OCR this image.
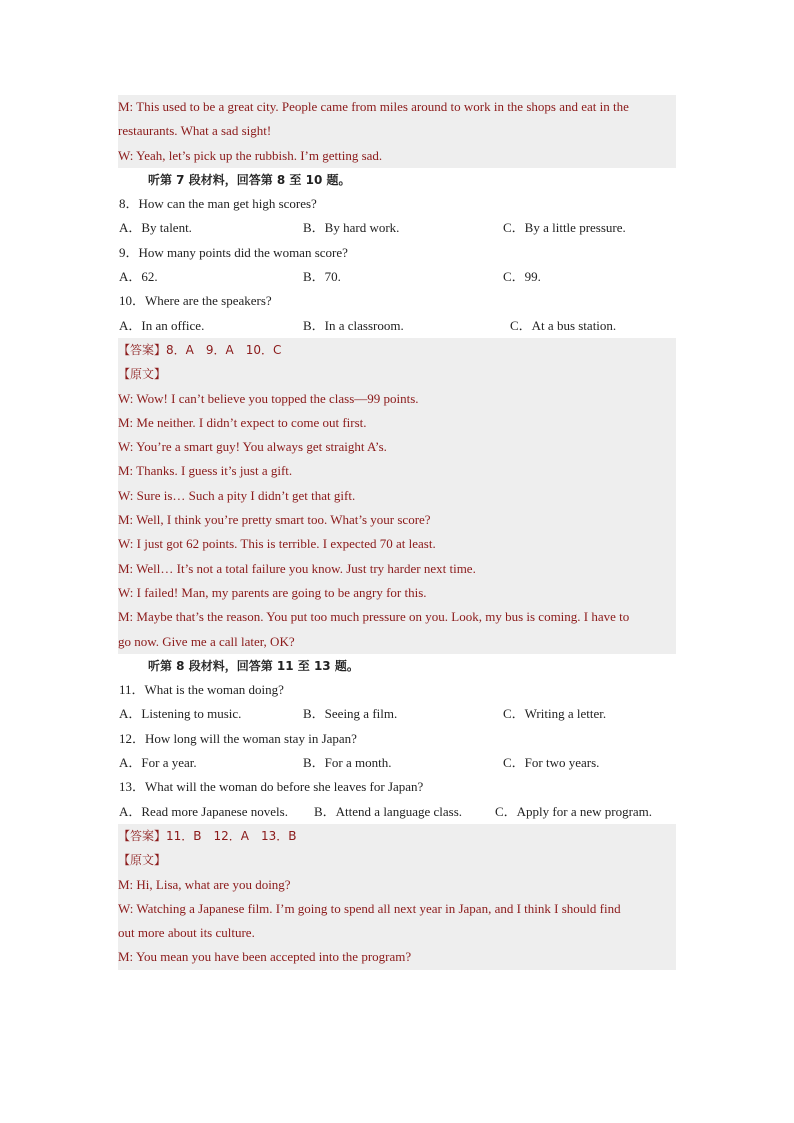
M: This used to be a great city. People came from miles around to work in the shops and eat in the
restaurants. What a sad sight!
W: Yeah, let’s pick up the rubbish. I’m getting sad.
听第 7 段材料，回答第 8 至 10 题。
8．How can the man get high scores?
A．By talent.	B．By hard work.	C．By a little pressure.
9．How many points did the woman score?
A．62.	B．70.	C．99.
10．Where are the speakers?
A．In an office.	B．In a classroom.	C．At a bus station.
【答案】8．A　9．A　10．C
【原文】
W: Wow! I can’t believe you topped the class—99 points.
M: Me neither. I didn’t expect to come out first.
W: You’re a smart guy! You always get straight A’s.
M: Thanks. I guess it’s just a gift.
W: Sure is… Such a pity I didn’t get that gift.
M: Well, I think you’re pretty smart too. What’s your score?
W: I just got 62 points. This is terrible. I expected 70 at least.
M: Well… It’s not a total failure you know. Just try harder next time.
W: I failed! Man, my parents are going to be angry for this.
M: Maybe that’s the reason. You put too much pressure on you. Look, my bus is coming. I have to
go now. Give me a call later, OK?
听第 8 段材料，回答第 11 至 13 题。
11．What is the woman doing?
A．Listening to music.	B．Seeing a film.	C．Writing a letter.
12．How long will the woman stay in Japan?
A．For a year.	B．For a month.	C．For two years.
13．What will the woman do before she leaves for Japan?
A．Read more Japanese novels.	B．Attend a language class.	C．Apply for a new program.
【答案】11．B　12．A　13．B
【原文】
M: Hi, Lisa, what are you doing?
W: Watching a Japanese film. I’m going to spend all next year in Japan, and I think I should find
out more about its culture.
M: You mean you have been accepted into the program?
